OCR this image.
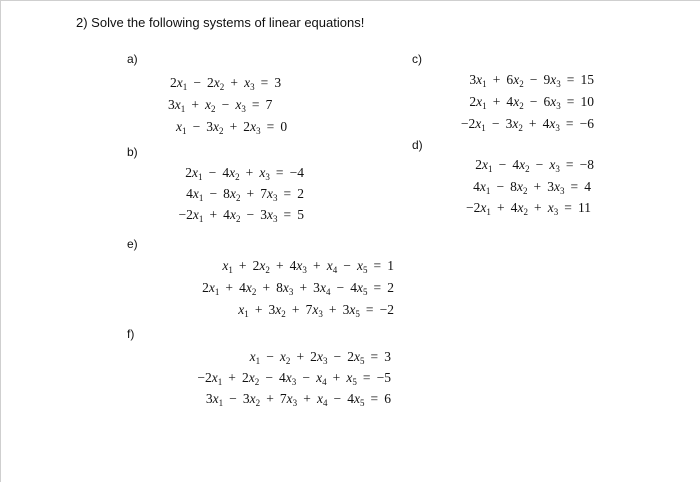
2) Solve the following systems of linear equations!
a)
b)
e)
f)
c)
d)
$2x_1 - 2x_2 + x_3 = 3$
$3x_1 + x_2 - x_3 = 7$
$x_1 - 3x_2 + 2x_3 = 0$
$2x_1 - 4x_2 + x_3 = -4$
$4x_1 - 8x_2 + 7x_3 = 2$
$-2x_1 + 4x_2 - 3x_3 = 5$
$3x_1 + 6x_2 - 9x_3 = 15$
$2x_1 + 4x_2 - 6x_3 = 10$
$-2x_1 - 3x_2 + 4x_3 = -6$
$2x_1 - 4x_2 - x_3 = -8$
$4x_1 - 8x_2 + 3x_3 = 4$
$-2x_1 + 4x_2 + x_3 = 11$
$x_1 + 2x_2 + 4x_3 + x_4 - x_5 = 1$
$2x_1 + 4x_2 + 8x_3 + 3x_4 - 4x_5 = 2$
$x_1 + 3x_2 + 7x_3 + 3x_5 = -2$
$x_1 - x_2 + 2x_3 - 2x_5 = 3$
$-2x_1 + 2x_2 - 4x_3 - x_4 + x_5 = -5$
$3x_1 - 3x_2 + 7x_3 + x_4 - 4x_5 = 6$
